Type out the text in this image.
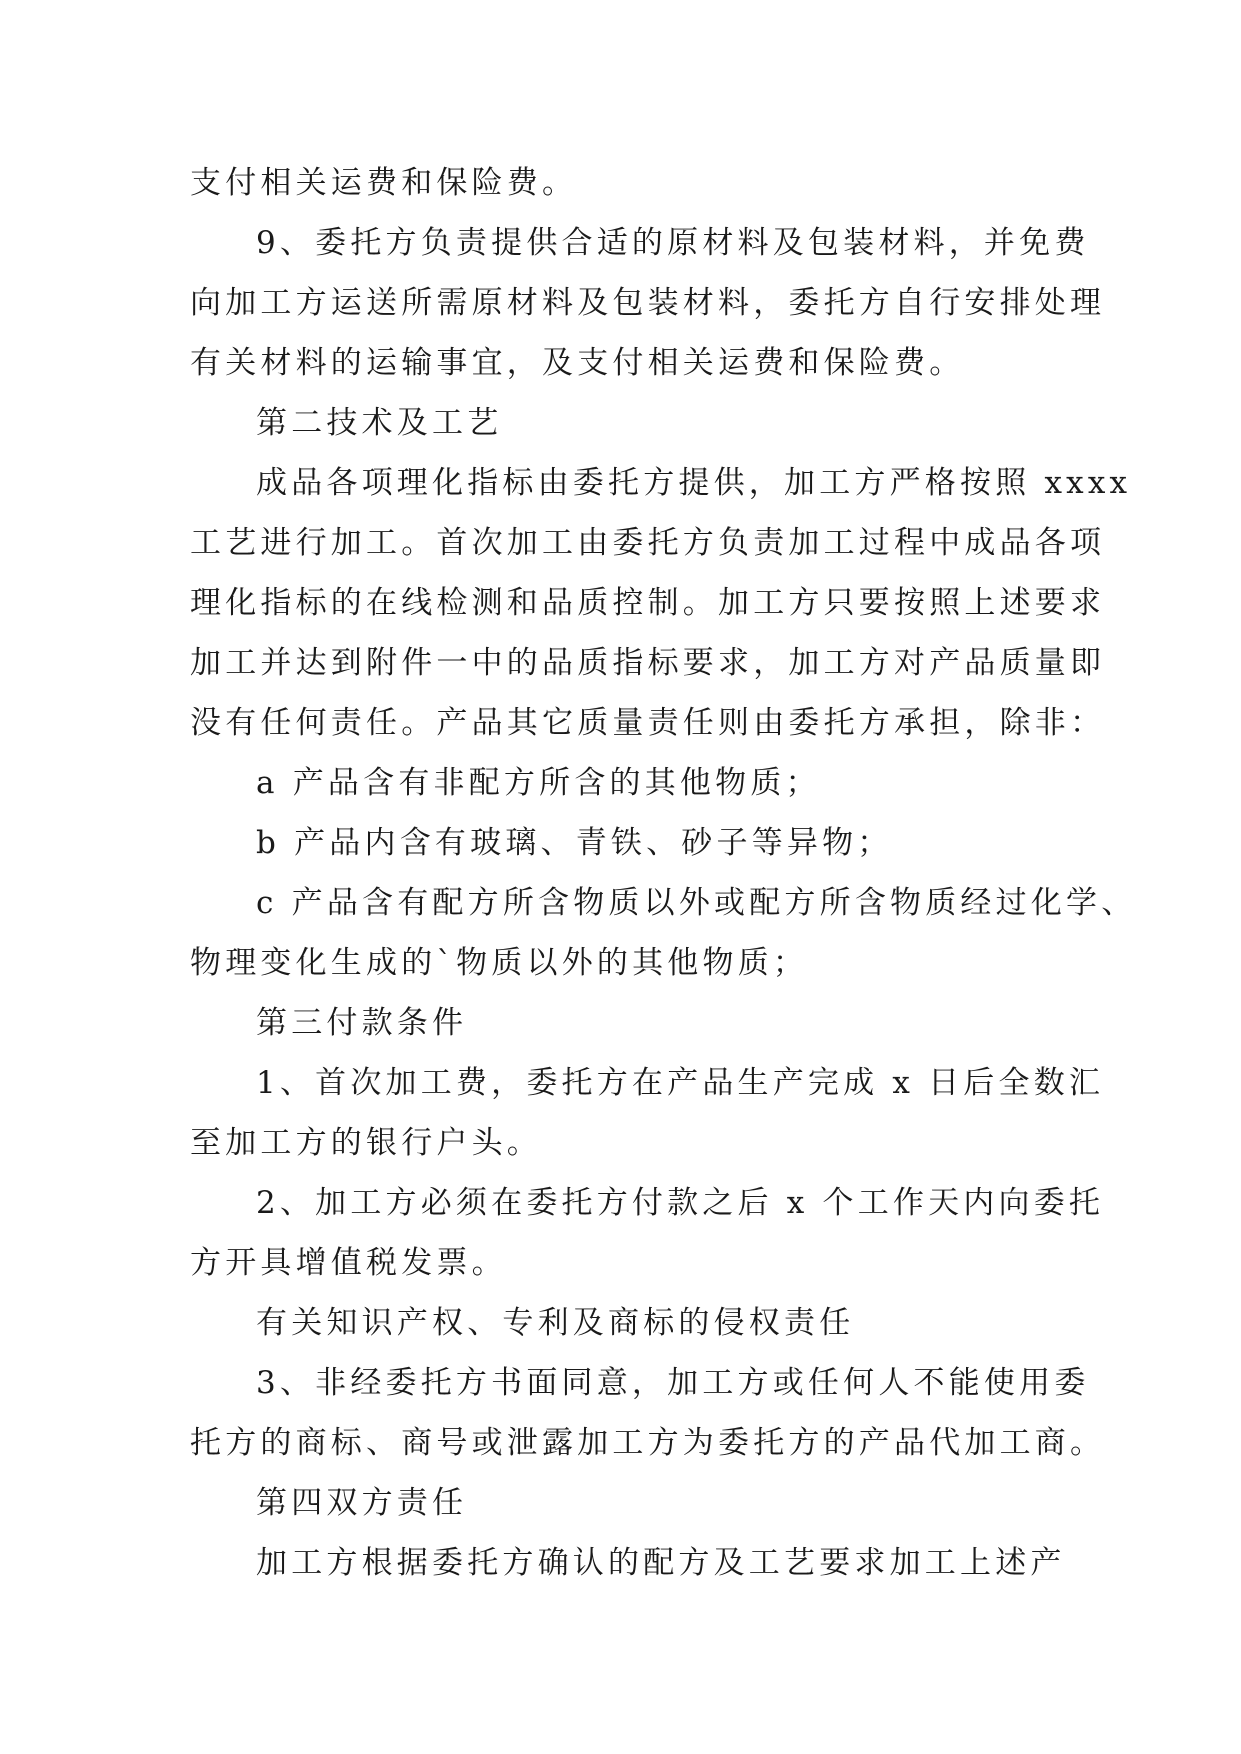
支付相关运费和保险费。
9、委托方负责提供合适的原材料及包装材料，并免费
向加工方运送所需原材料及包装材料，委托方自行安排处理
有关材料的运输事宜，及支付相关运费和保险费。
第二技术及工艺
成品各项理化指标由委托方提供，加工方严格按照 xxxx
工艺进行加工。首次加工由委托方负责加工过程中成品各项
理化指标的在线检测和品质控制。加工方只要按照上述要求
加工并达到附件一中的品质指标要求，加工方对产品质量即
没有任何责任。产品其它质量责任则由委托方承担，除非：
a 产品含有非配方所含的其他物质；
b 产品内含有玻璃、青铁、砂子等异物；
c 产品含有配方所含物质以外或配方所含物质经过化学、
物理变化生成的`物质以外的其他物质；
第三付款条件
1、首次加工费，委托方在产品生产完成 x 日后全数汇
至加工方的银行户头。
2、加工方必须在委托方付款之后 x 个工作天内向委托
方开具增值税发票。
有关知识产权、专利及商标的侵权责任
3、非经委托方书面同意，加工方或任何人不能使用委
托方的商标、商号或泄露加工方为委托方的产品代加工商。
第四双方责任
加工方根据委托方确认的配方及工艺要求加工上述产
